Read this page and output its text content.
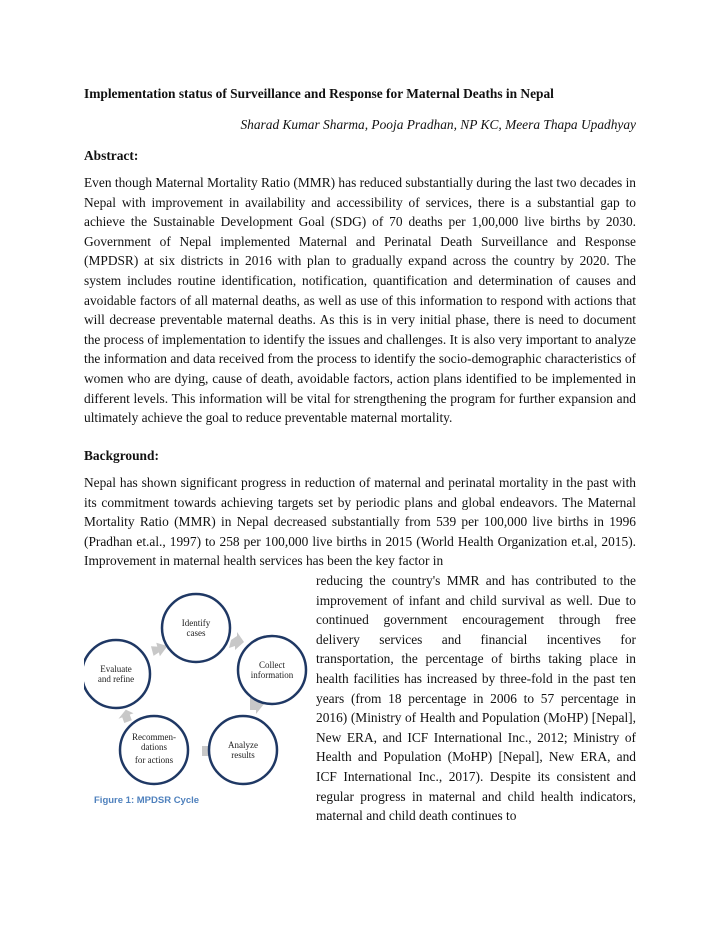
Implementation status of Surveillance and Response for Maternal Deaths in Nepal
Sharad Kumar Sharma, Pooja Pradhan, NP KC, Meera Thapa Upadhyay
Abstract:

Even though Maternal Mortality Ratio (MMR) has reduced substantially during the last two decades in Nepal with improvement in availability and accessibility of services, there is a substantial gap to achieve the Sustainable Development Goal (SDG) of 70 deaths per 1,00,000 live births by 2030. Government of Nepal implemented Maternal and Perinatal Death Surveillance and Response (MPDSR) at six districts in 2016 with plan to gradually expand across the country by 2020. The system includes routine identification, notification, quantification and determination of causes and avoidable factors of all maternal deaths, as well as use of this information to respond with actions that will decrease preventable maternal deaths. As this is in very initial phase, there is need to document the process of implementation to identify the issues and challenges. It is also very important to analyze the information and data received from the process to identify the socio-demographic characteristics of women who are dying, cause of death, avoidable factors, action plans identified to be implemented in different levels. This information will be vital for strengthening the program for further expansion and ultimately achieve the goal to reduce preventable maternal mortality.

Background:

Nepal has shown significant progress in reduction of maternal and perinatal mortality in the past with its commitment towards achieving targets set by periodic plans and global endeavors. The Maternal Mortality Ratio (MMR) in Nepal decreased substantially from 539 per 100,000 live births in 1996 (Pradhan et.al., 1997) to 258 per 100,000 live births in 2015 (World Health Organization et.al, 2015). Improvement in maternal health services has been the key factor in

reducing the country's MMR and has contributed to the improvement of infant and child survival as well. Due to continued government encouragement through free delivery services and financial incentives for transportation, the percentage of births taking place in health facilities has increased by three-fold in the past ten years (from 18 percentage in 2006 to 57 percentage in 2016) (Ministry of Health and Population (MoHP) [Nepal], New ERA, and ICF International Inc., 2012; Ministry of Health and Population (MoHP) [Nepal], New ERA, and ICF International Inc., 2017). Despite its consistent and regular progress in maternal and child health indicators, maternal and child death continues to

Identify
cases
Collect
information
Analyze
results
Recommen-
dations
for actions
Evaluate
and refine
Figure 1: MPDSR Cycle
